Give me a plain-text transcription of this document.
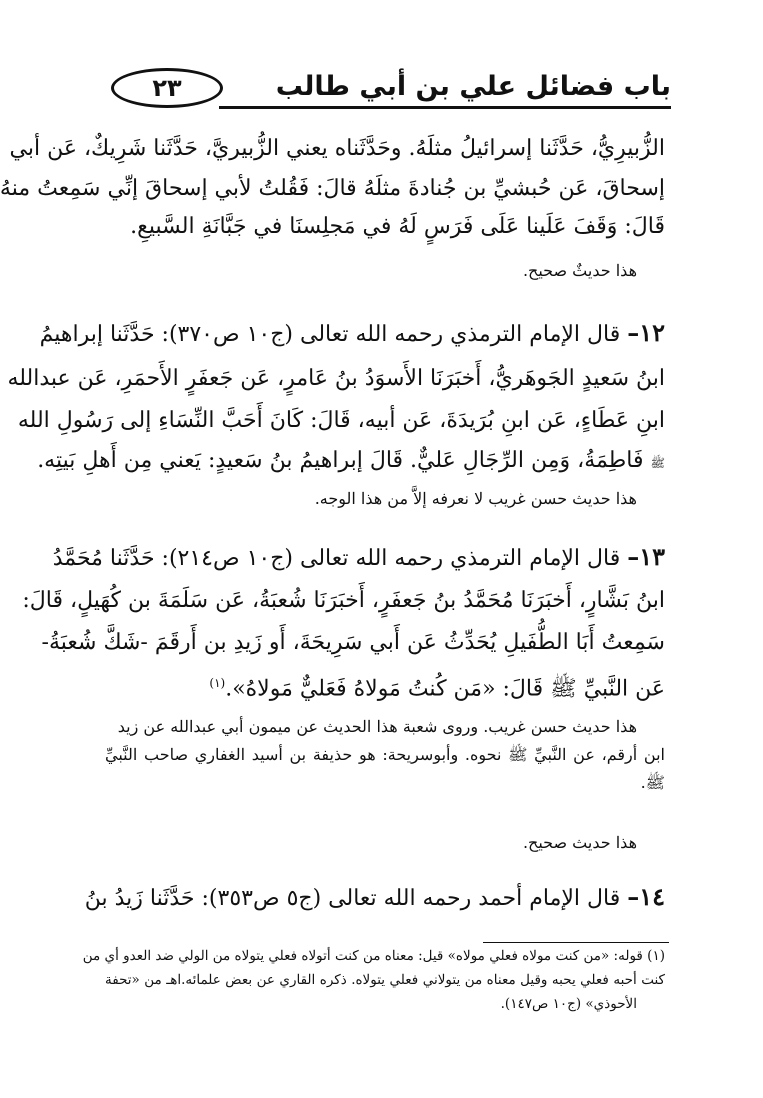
باب فضائل علي بن أبي طالب
٢٣
الزُّبيرِيُّ، حَدَّثَنا إسرائيلُ مثلَهُ. وحَدَّثَناه يعني الزُّبيريَّ، حَدَّثَنا شَرِيكٌ، عَن أبي
إسحاقَ، عَن حُبشيِّ بن جُنادةَ مثلَهُ قالَ: فَقُلتُ لأبي إسحاقَ إنِّي سَمِعتُ منهُ
قَالَ: وَقَفَ عَلَينا عَلَى فَرَسٍ لَهُ في مَجلِسنَا في جَبَّانَةِ السَّبيعِ.
هذا حديثٌ صحيح.
١٢– قال الإمام الترمذي رحمه الله تعالى (ج١٠ ص٣٧٠): حَدَّثَنا إبراهيمُ
ابنُ سَعيدٍ الجَوهَريُّ، أَخبَرَنَا الأَسوَدُ بنُ عَامرٍ، عَن جَعفَرٍ الأَحمَرِ، عَن عبدالله
ابنِ عَطَاءٍ، عَن ابنِ بُرَيدَةَ، عَن أبيه، قَالَ: كَانَ أَحَبَّ النِّسَاءِ إلى رَسُولِ الله
ﷺ فَاطِمَةُ، وَمِن الرِّجَالِ عَليٌّ. قَالَ إبراهيمُ بنُ سَعيدٍ: يَعني مِن أَهلِ بَيتِه.
هذا حديث حسن غريب لا نعرفه إلاَّ من هذا الوجه.
١٣– قال الإمام الترمذي رحمه الله تعالى (ج١٠ ص٢١٤): حَدَّثَنا مُحَمَّدُ
ابنُ بَشَّارٍ، أَخبَرَنَا مُحَمَّدُ بنُ جَعفَرٍ، أَخبَرَنَا شُعبَةُ، عَن سَلَمَةَ بن كُهَيلٍ، قَالَ:
سَمِعتُ أَبَا الطُّفَيلِ يُحَدِّثُ عَن أَبي سَرِيحَةَ، أَو زَيدِ بن أَرقَمَ -شَكَّ شُعبَةُ-
عَن النَّبيِّ ﷺ قَالَ: «مَن كُنتُ مَولاهُ فَعَليٌّ مَولاهُ».$^{(١)}$
هذا حديث حسن غريب. وروى شعبة هذا الحديث عن ميمون أبي عبدالله عن زيد
ابن أرقم، عن النَّبيِّ ﷺ نحوه. وأبوسريحة: هو حذيفة بن أسيد الغفاري صاحب النَّبيِّ
ﷺ.
هذا حديث صحيح.
١٤– قال الإمام أحمد رحمه الله تعالى (ج٥ ص٣٥٣): حَدَّثَنا زَيدُ بنُ
(١) قوله: «من كنت مولاه فعلي مولاه» قيل: معناه من كنت أتولاه فعلي يتولاه من الولي ضد العدو أي من
كنت أحبه فعلي يحبه وقيل معناه من يتولاني فعلي يتولاه. ذكره القاري عن بعض علمائه.اهـ من «تحفة
الأحوذي» (ج١٠ ص١٤٧).
